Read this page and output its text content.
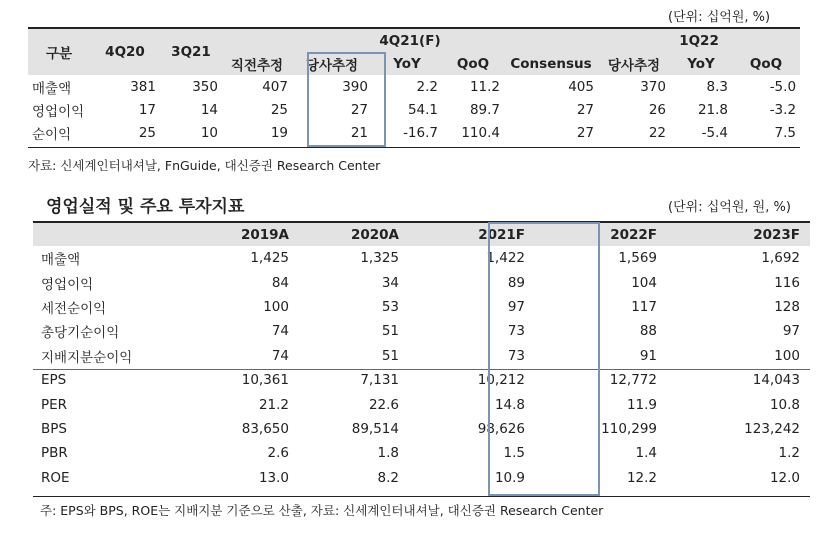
(단위: 십억원, %)
구분	4Q20	3Q21	4Q21(F)					1Q22		
			직전추정	당사추정	YoY	QoQ	Consensus	당사추정	YoY	QoQ
매출액	381	350	407	390	2.2	11.2	405	370	8.3	-5.0
영업이익	17	14	25	27	54.1	89.7	27	26	21.8	-3.2
순이익	25	10	19	21	-16.7	110.4	27	22	-5.4	7.5
자료: 신세계인터내셔날, FnGuide, 대신증권 Research Center
영업실적 및 주요 투자지표	(단위: 십억원, 원, %)
	2019A	2020A	2021F	2022F	2023F
매출액	1,425	1,325	1,422	1,569	1,692
영업이익	84	34	89	104	116
세전순이익	100	53	97	117	128
총당기순이익	74	51	73	88	97
지배지분순이익	74	51	73	91	100
EPS	10,361	7,131	10,212	12,772	14,043
PER	21.2	22.6	14.8	11.9	10.8
BPS	83,650	89,514	98,626	110,299	123,242
PBR	2.6	1.8	1.5	1.4	1.2
ROE	13.0	8.2	10.9	12.2	12.0
주: EPS와 BPS, ROE는 지배지분 기준으로 산출, 자료: 신세계인터내셔날, 대신증권 Research Center
